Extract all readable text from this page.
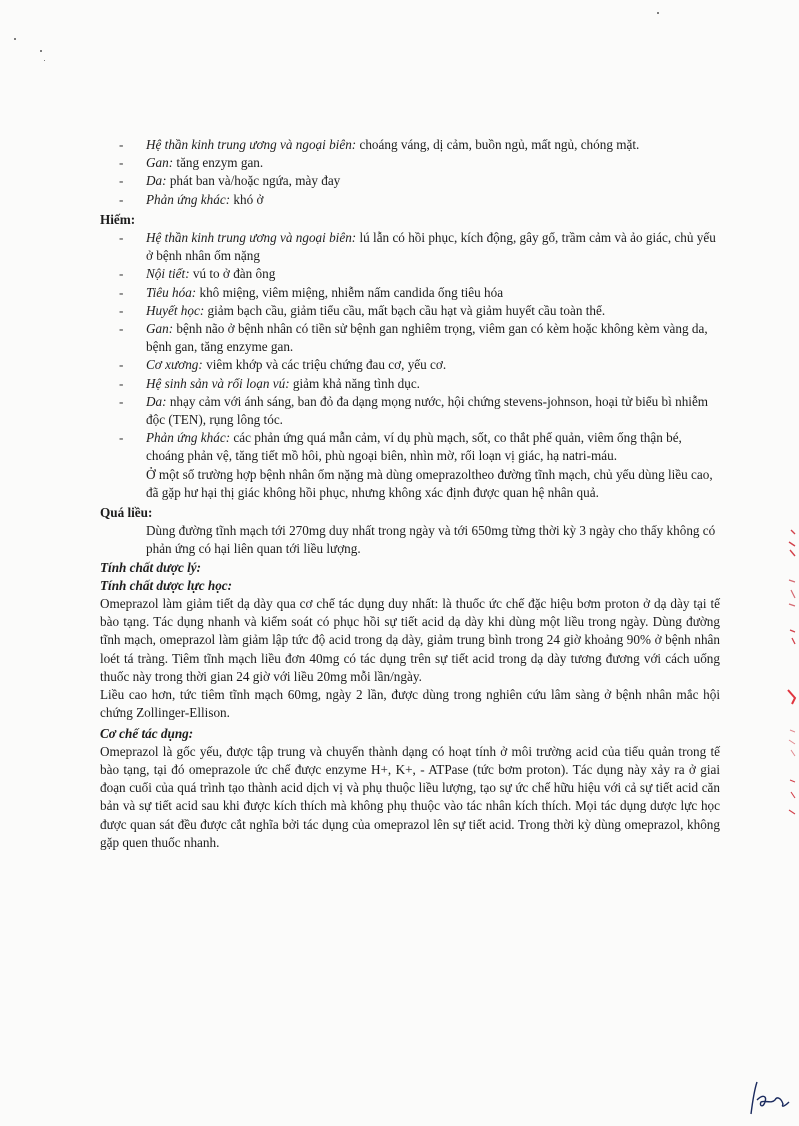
- Hệ thần kinh trung ương và ngoại biên: choáng váng, dị cảm, buồn ngủ, mất ngủ, chóng mặt.
- Gan: tăng enzym gan.
- Da: phát ban và/hoặc ngứa, mày đay
- Phản ứng khác: khó ở
Hiếm:
- Hệ thần kinh trung ương và ngoại biên: lú lẫn có hồi phục, kích động, gây gổ, trầm cảm và ảo giác, chủ yếu ở bệnh nhân ốm nặng
- Nội tiết: vú to ở đàn ông
- Tiêu hóa: khô miệng, viêm miệng, nhiễm nấm candida ống tiêu hóa
- Huyết học: giảm bạch cầu, giảm tiểu cầu, mất bạch cầu hạt và giảm huyết cầu toàn thể.
- Gan: bệnh não ở bệnh nhân có tiền sử bệnh gan nghiêm trọng, viêm gan có kèm hoặc không kèm vàng da, bệnh gan, tăng enzyme gan.
- Cơ xương: viêm khớp và các triệu chứng đau cơ, yếu cơ.
- Hệ sinh sản và rối loạn vú: giảm khả năng tình dục.
- Da: nhạy cảm với ánh sáng, ban đỏ đa dạng mọng nước, hội chứng stevens-johnson, hoại tử biểu bì nhiễm độc (TEN), rụng lông tóc.
- Phản ứng khác: các phản ứng quá mẫn cảm, ví dụ phù mạch, sốt, co thắt phế quản, viêm ống thận bé, choáng phản vệ, tăng tiết mồ hôi, phù ngoại biên, nhìn mờ, rối loạn vị giác, hạ natri-máu.
Ở một số trường hợp bệnh nhân ốm nặng mà dùng omeprazoltheo đường tĩnh mạch, chủ yếu dùng liều cao, đã gặp hư hại thị giác không hồi phục, nhưng không xác định được quan hệ nhân quả.
Quá liều:
Dùng đường tĩnh mạch tới 270mg duy nhất trong ngày và tới 650mg từng thời kỳ 3 ngày cho thấy không có phản ứng có hại liên quan tới liều lượng.
Tính chất dược lý:
Tính chất dược lực học:
Omeprazol làm giảm tiết dạ dày qua cơ chế tác dụng duy nhất: là thuốc ức chế đặc hiệu bơm proton ở dạ dày tại tế bào tạng. Tác dụng nhanh và kiểm soát có phục hồi sự tiết acid dạ dày khi dùng một liều trong ngày. Dùng đường tĩnh mạch, omeprazol làm giảm lập tức độ acid trong dạ dày, giảm trung bình trong 24 giờ khoảng 90% ở bệnh nhân loét tá tràng. Tiêm tĩnh mạch liều đơn 40mg có tác dụng trên sự tiết acid trong dạ dày tương đương với cách uống thuốc này trong thời gian 24 giờ với liều 20mg mỗi lần/ngày.
Liều cao hơn, tức tiêm tĩnh mạch 60mg, ngày 2 lần, được dùng trong nghiên cứu lâm sàng ở bệnh nhân mắc hội chứng Zollinger-Ellison.
Cơ chế tác dụng:
Omeprazol là gốc yếu, được tập trung và chuyển thành dạng có hoạt tính ở môi trường acid của tiểu quản trong tế bào tạng, tại đó omeprazole ức chế được enzyme H+, K+, - ATPase (tức bơm proton). Tác dụng này xảy ra ở giai đoạn cuối của quá trình tạo thành acid dịch vị và phụ thuộc liều lượng, tạo sự ức chế hữu hiệu với cả sự tiết acid căn bản và sự tiết acid sau khi được kích thích mà không phụ thuộc vào tác nhân kích thích. Mọi tác dụng dược lực học được quan sát đều được cắt nghĩa bởi tác dụng của omeprazol lên sự tiết acid. Trong thời kỳ dùng omeprazol, không gặp quen thuốc nhanh.
